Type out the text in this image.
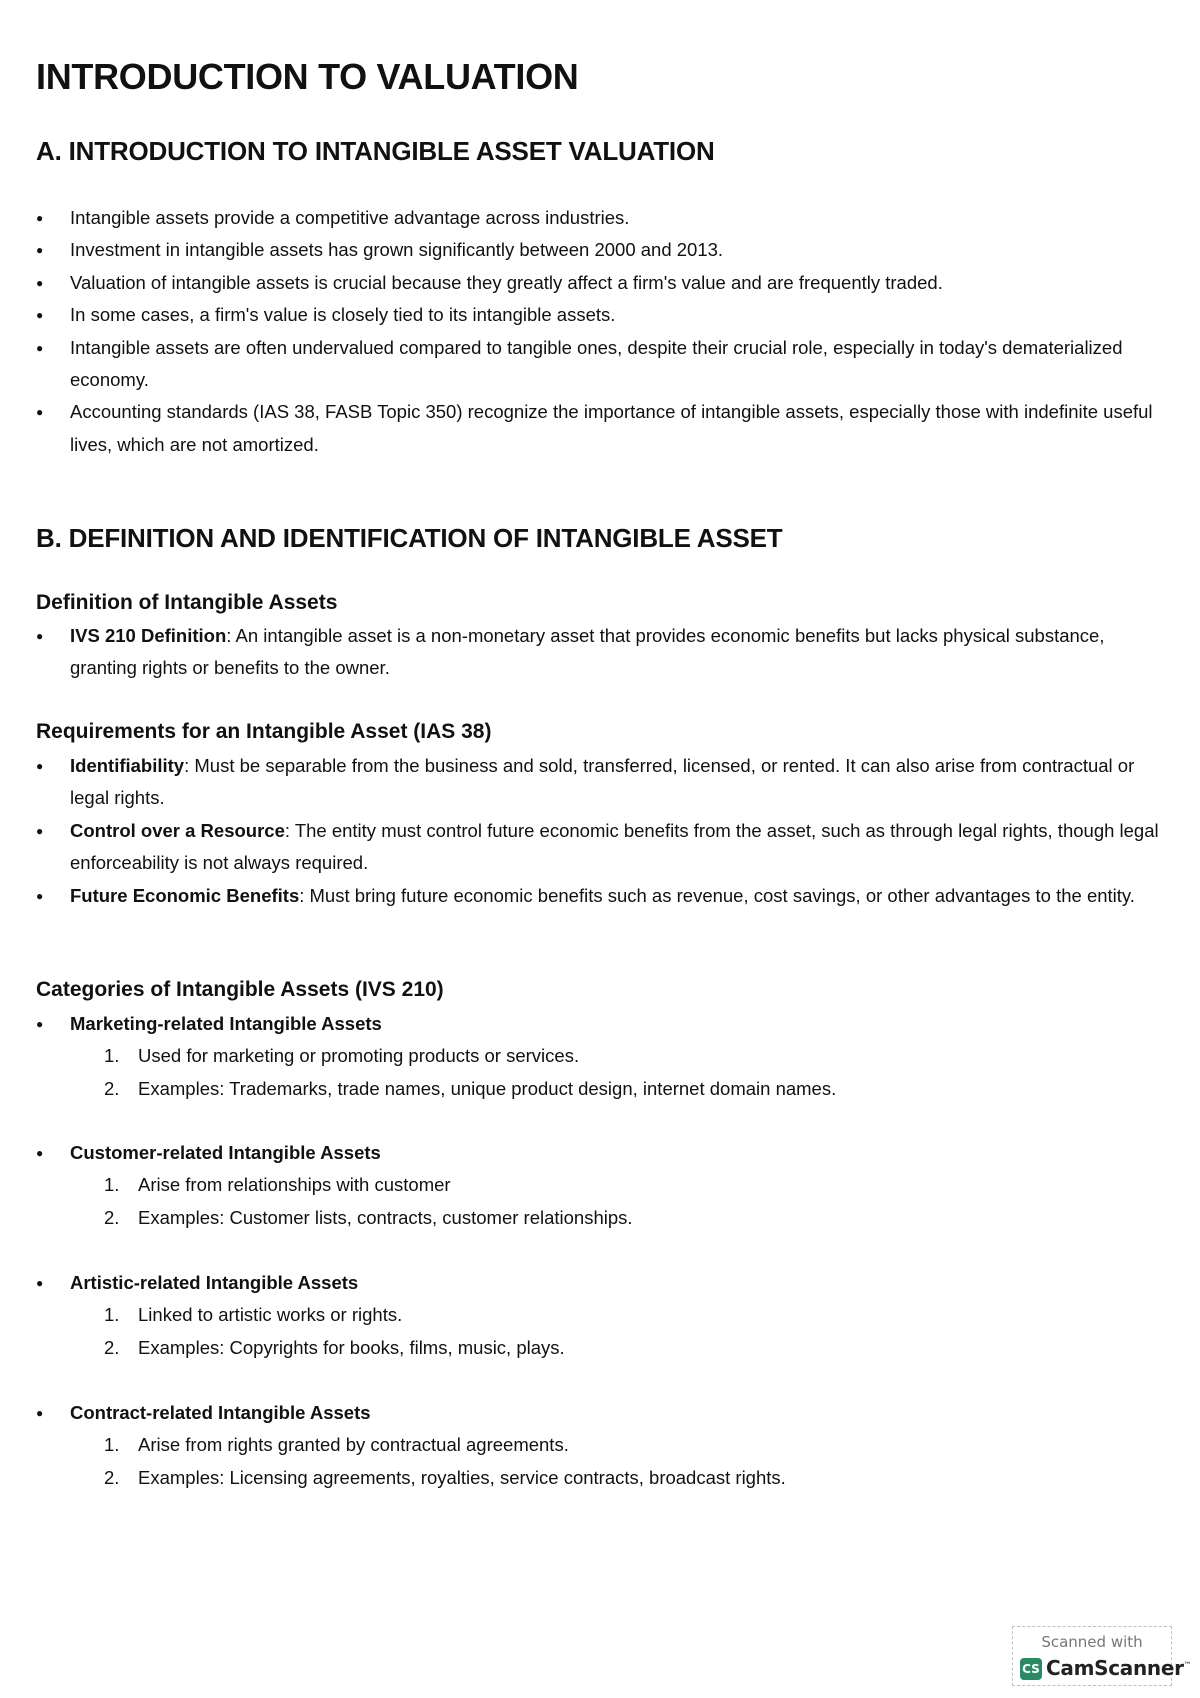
INTRODUCTION TO VALUATION
A. INTRODUCTION TO INTANGIBLE ASSET VALUATION
● Intangible assets provide a competitive advantage across industries.
● Investment in intangible assets has grown significantly between 2000 and 2013.
● Valuation of intangible assets is crucial because they greatly affect a firm's value and are frequently traded.
● In some cases, a firm's value is closely tied to its intangible assets.
● Intangible assets are often undervalued compared to tangible ones, despite their crucial role, especially in today's dematerialized economy.
● Accounting standards (IAS 38, FASB Topic 350) recognize the importance of intangible assets, especially those with indefinite useful lives, which are not amortized.
B. DEFINITION AND IDENTIFICATION OF INTANGIBLE ASSET
Definition of Intangible Assets
● IVS 210 Definition: An intangible asset is a non-monetary asset that provides economic benefits but lacks physical substance, granting rights or benefits to the owner.
Requirements for an Intangible Asset (IAS 38)
● Identifiability: Must be separable from the business and sold, transferred, licensed, or rented. It can also arise from contractual or legal rights.
● Control over a Resource: The entity must control future economic benefits from the asset, such as through legal rights, though legal enforceability is not always required.
● Future Economic Benefits: Must bring future economic benefits such as revenue, cost savings, or other advantages to the entity.
Categories of Intangible Assets (IVS 210)
● Marketing-related Intangible Assets
1. Used for marketing or promoting products or services.
2. Examples: Trademarks, trade names, unique product design, internet domain names.
● Customer-related Intangible Assets
1. Arise from relationships with customer
2. Examples: Customer lists, contracts, customer relationships.
● Artistic-related Intangible Assets
1. Linked to artistic works or rights.
2. Examples: Copyrights for books, films, music, plays.
● Contract-related Intangible Assets
1. Arise from rights granted by contractual agreements.
2. Examples: Licensing agreements, royalties, service contracts, broadcast rights.
Scanned with
CS CamScanner™
